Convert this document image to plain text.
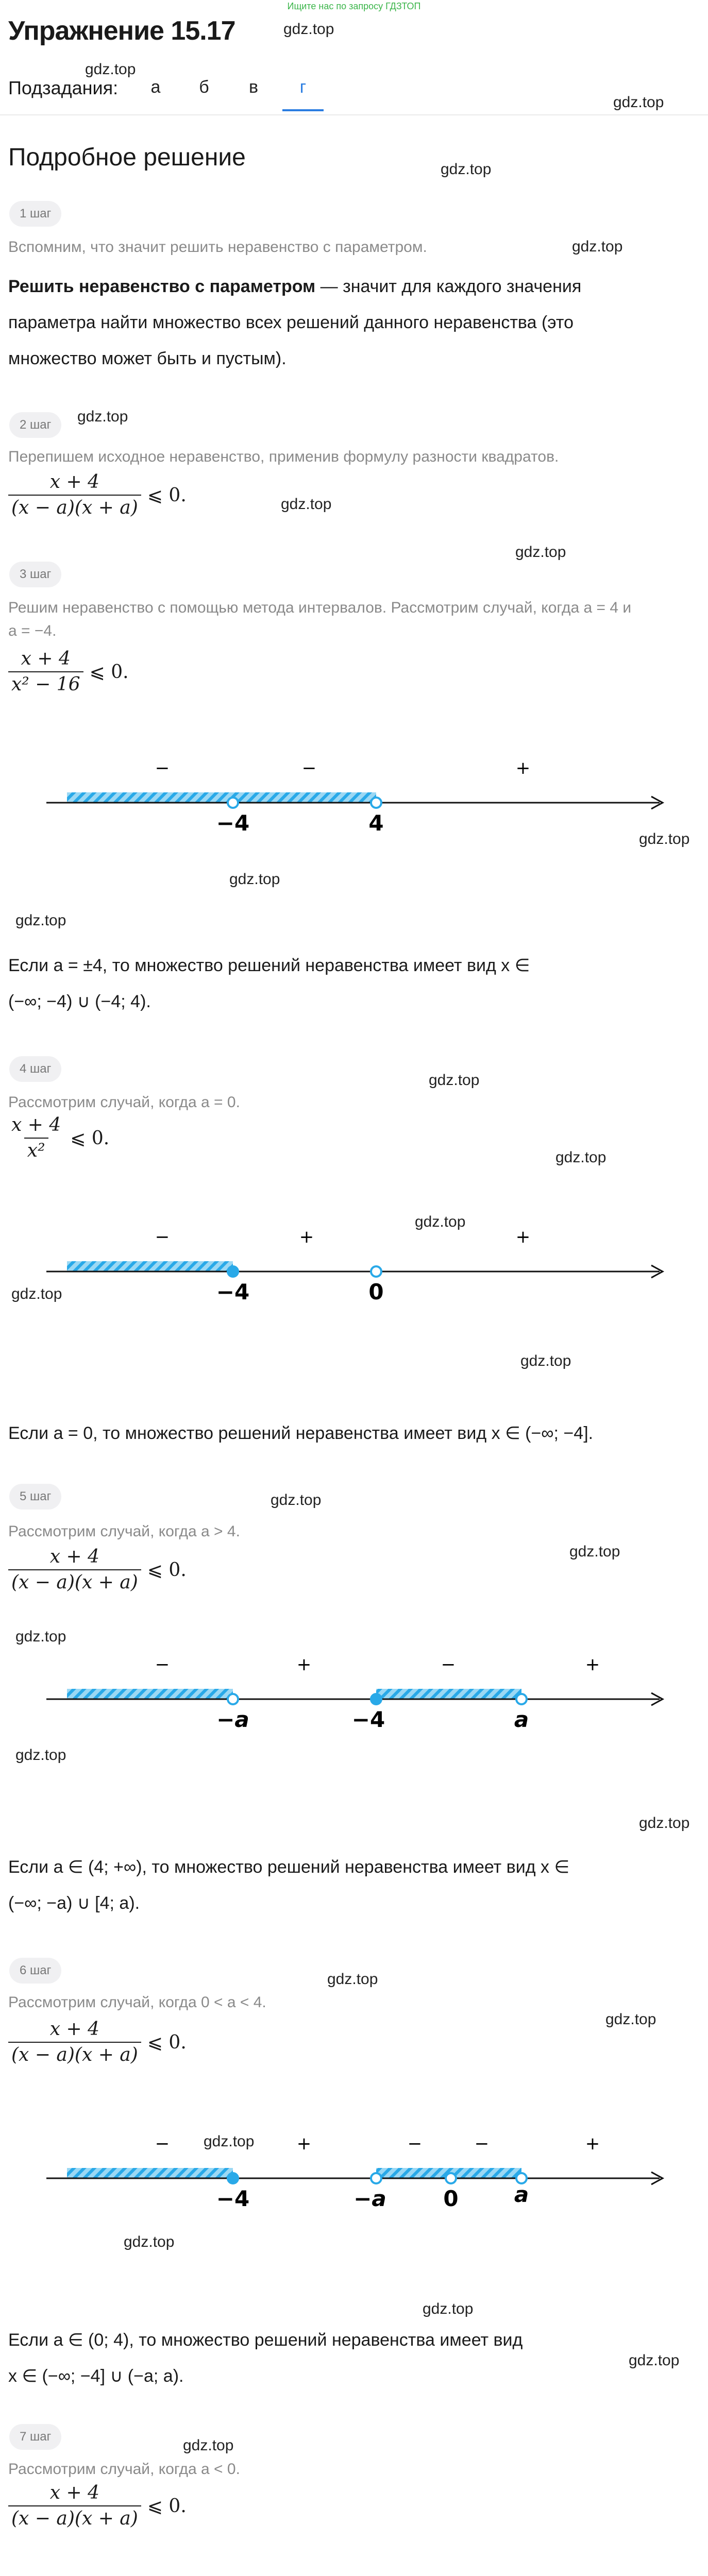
Ищите нас по запросу ГДЗТОП
Упражнение 15.17	gdz.top
gdz.top
gdz.top
Подзадания:	а	б	в	г
Подробное решение	gdz.top
1 шаг
Вспомним, что значит решить неравенство с параметром.	gdz.top
Решить неравенство с параметром — значит для каждого значения
параметра найти множество всех решений данного неравенства (это
множество может быть и пустым).
2 шаг	gdz.top
Перепишем исходное неравенство, применив формулу разности квадратов.
$\frac{x + 4}{(x - a)(x + a)}$ ⩽ 0.	gdz.top
gdz.top
3 шаг
Решим неравенство с помощью метода интервалов. Рассмотрим случай, когда a = 4 и
a = −4.
$\frac{x + 4}{\text{x² − 16}}$ ⩽ 0.
−	−	+
−4	4
gdz.top
gdz.top
gdz.top
Если a = ±4, то множество решений неравенства имеет вид x ∈
(−∞; −4) ∪ (−4; 4).
4 шаг
gdz.top
Рассмотрим случай, когда a = 0.
$\frac{x + 4}{\text{x²}}$ ⩽ 0.
gdz.top
gdz.top
−	+	+
−4	0
gdz.top
gdz.top
Если a = 0, то множество решений неравенства имеет вид x ∈ (−∞; −4].
5 шаг	gdz.top
Рассмотрим случай, когда a > 4.
gdz.top
$\frac{x + 4}{(x - a)(x + a)}$ ⩽ 0.
gdz.top
−	+	−	+
−a	−4	a
gdz.top
gdz.top
Если a ∈ (4; +∞), то множество решений неравенства имеет вид x ∈
(−∞; −a) ∪ [4; a).
6 шаг
gdz.top
Рассмотрим случай, когда 0 < a < 4.
gdz.top
$\frac{x + 4}{(x - a)(x + a)}$ ⩽ 0.
gdz.top
−	+	−	−	+
−4	−a	0	a
gdz.top
gdz.top
Если a ∈ (0; 4), то множество решений неравенства имеет вид
gdz.top
x ∈ (−∞; −4] ∪ (−a; a).
7 шаг
gdz.top
Рассмотрим случай, когда a < 0.
$\frac{x + 4}{(x - a)(x + a)}$ ⩽ 0.
